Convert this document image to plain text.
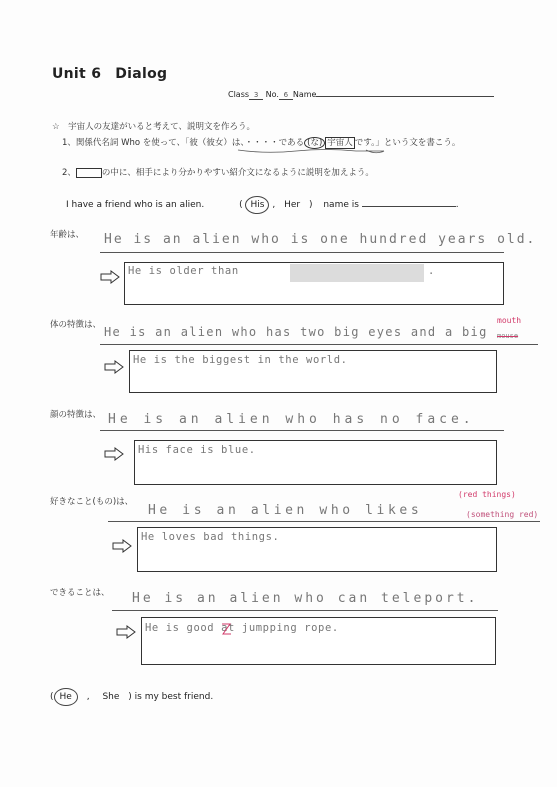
Unit 6 Dialog
Class 3 No. 6 Name
☆　宇宙人の友達がいると考えて、説明文を作ろう。
1、関係代名詞 Who を使って、「彼（彼女）は、・・・・である (な) 宇宙人 です。」という文を書こう。
2、	の中に、相手により分かりやすい紹介文になるように説明を加えよう。
I have a friend who is an alien.	( His , Her ) name is	.
年齢は、 He is an alien who is one hundred years old.
He is older than	.
体の特徴は、	mouth
He is an alien who has two big eyes and a big mouse
He is the biggest in the world.
顔の特徴は、 He is an alien who has no face.
His face is blue.
好きなこと(もの)は、
(red things)
He is an alien who likes	(something red)
He loves bad things.
できることは、 He is an alien who can teleport.
He is good at jumpping rope.
( He , She ) is my best friend.
